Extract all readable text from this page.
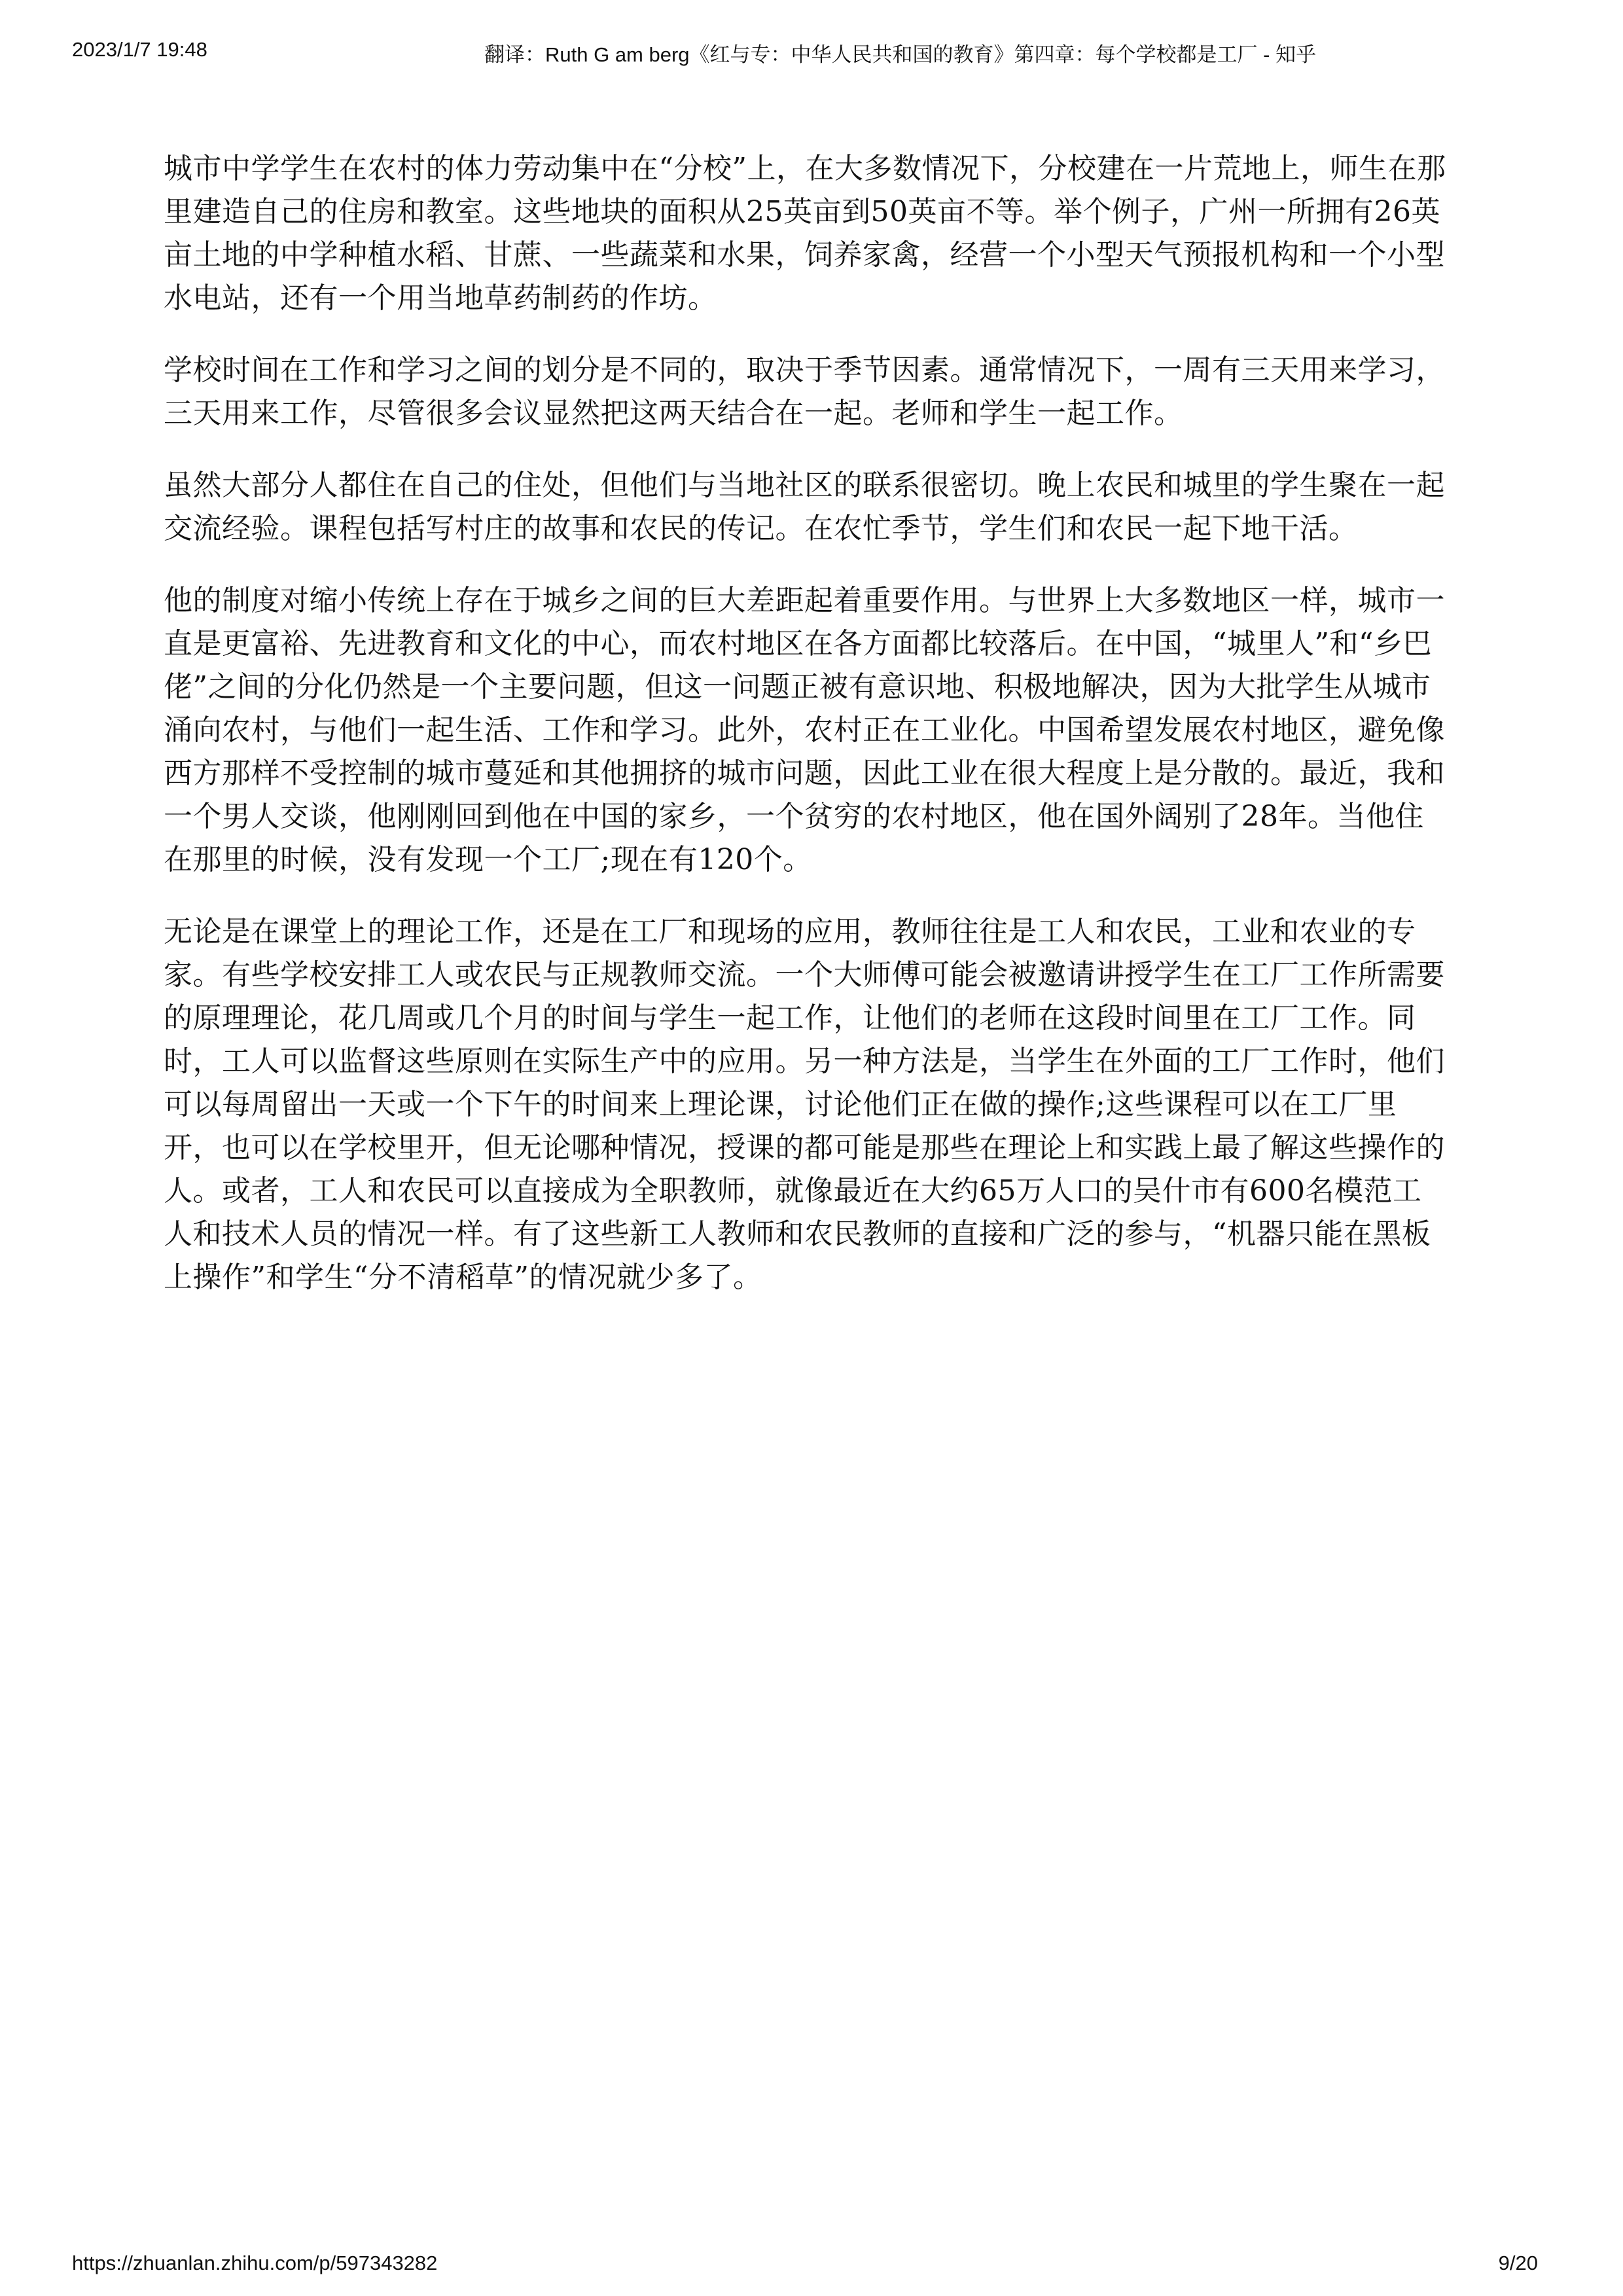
2023/1/7 19:48	翻译：Ruth G am berg《红与专：中华人民共和国的教育》第四章：每个学校都是工厂 - 知乎

城市中学学生在农村的体力劳动集中在“分校”上，在大多数情况下，分校建在一片荒地上，师生在那里建造自己的住房和教室。这些地块的面积从25英亩到50英亩不等。举个例子，广州一所拥有26英亩土地的中学种植水稻、甘蔗、一些蔬菜和水果，饲养家禽，经营一个小型天气预报机构和一个小型水电站，还有一个用当地草药制药的作坊。

学校时间在工作和学习之间的划分是不同的，取决于季节因素。通常情况下，一周有三天用来学习，三天用来工作，尽管很多会议显然把这两天结合在一起。老师和学生一起工作。

虽然大部分人都住在自己的住处，但他们与当地社区的联系很密切。晚上农民和城里的学生聚在一起交流经验。课程包括写村庄的故事和农民的传记。在农忙季节，学生们和农民一起下地干活。

他的制度对缩小传统上存在于城乡之间的巨大差距起着重要作用。与世界上大多数地区一样，城市一直是更富裕、先进教育和文化的中心，而农村地区在各方面都比较落后。在中国，“城里人”和“乡巴佬”之间的分化仍然是一个主要问题，但这一问题正被有意识地、积极地解决，因为大批学生从城市涌向农村，与他们一起生活、工作和学习。此外，农村正在工业化。中国希望发展农村地区，避免像西方那样不受控制的城市蔓延和其他拥挤的城市问题，因此工业在很大程度上是分散的。最近，我和一个男人交谈，他刚刚回到他在中国的家乡，一个贫穷的农村地区，他在国外阔别了28年。当他住在那里的时候，没有发现一个工厂;现在有120个。

无论是在课堂上的理论工作，还是在工厂和现场的应用，教师往往是工人和农民，工业和农业的专家。有些学校安排工人或农民与正规教师交流。一个大师傅可能会被邀请讲授学生在工厂工作所需要的原理理论，花几周或几个月的时间与学生一起工作，让他们的老师在这段时间里在工厂工作。同时，工人可以监督这些原则在实际生产中的应用。另一种方法是，当学生在外面的工厂工作时，他们可以每周留出一天或一个下午的时间来上理论课，讨论他们正在做的操作;这些课程可以在工厂里开，也可以在学校里开，但无论哪种情况，授课的都可能是那些在理论上和实践上最了解这些操作的人。或者，工人和农民可以直接成为全职教师，就像最近在大约65万人口的吴什市有600名模范工人和技术人员的情况一样。有了这些新工人教师和农民教师的直接和广泛的参与，“机器只能在黑板上操作”和学生“分不清稻草”的情况就少多了。

https://zhuanlan.zhihu.com/p/597343282	9/20
